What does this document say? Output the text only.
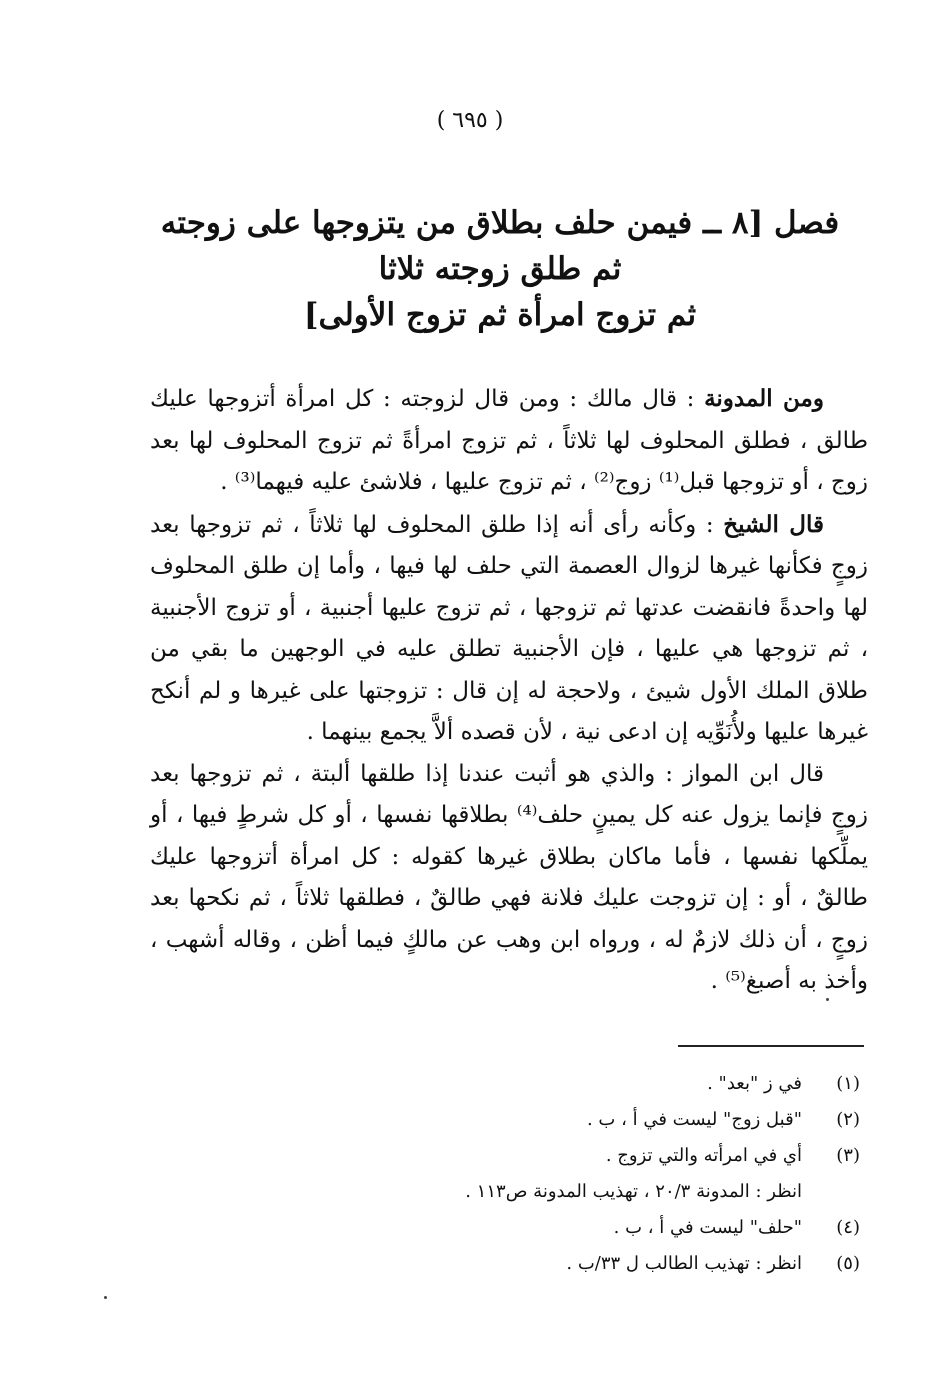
( ٦٩٥ )
فصل [٨ ــ فيمن حلف بطلاق من يتزوجها على زوجته
ثم طلق زوجته ثلاثا
ثم تزوج امرأة ثم تزوج الأولى]

ومن المدونة : قال مالك : ومن قال لزوجته : كل امرأة أتزوجها عليك طالق ، فطلق المحلوف لها ثلاثاً ، ثم تزوج امرأةً ثم تزوج المحلوف لها بعد زوج ، أو تزوجها قبل⁽¹⁾ زوج⁽²⁾ ، ثم تزوج عليها ، فلاشئ عليه فيهما⁽³⁾ .

قال الشيخ : وكأنه رأى أنه إذا طلق المحلوف لها ثلاثاً ، ثم تزوجها بعد زوجٍ فكأنها غيرها لزوال العصمة التي حلف لها فيها ، وأما إن طلق المحلوف لها واحدةً فانقضت عدتها ثم تزوجها ، ثم تزوج عليها أجنبية ، أو تزوج الأجنبية ، ثم تزوجها هي عليها ، فإن الأجنبية تطلق عليه في الوجهين ما بقي من طلاق الملك الأول شيئ ، ولاحجة له إن قال : تزوجتها على غيرها و لم أنكح غيرها عليها ولأُنَوِّيه إن ادعى نية ، لأن قصده ألاَّ يجمع بينهما .

قال ابن المواز : والذي هو أثبت عندنا إذا طلقها ألبتة ، ثم تزوجها بعد زوجٍ فإنما يزول عنه كل يمينٍ حلف⁽⁴⁾ بطلاقها نفسها ، أو كل شرطٍ فيها ، أو يملِّكها نفسها ، فأما ماكان بطلاق غيرها كقوله : كل امرأة أتزوجها عليك طالقٌ ، أو : إن تزوجت عليك فلانة فهي طالقٌ ، فطلقها ثلاثاً ، ثم نكحها بعد زوجٍ ، أن ذلك لازمٌ له ، ورواه ابن وهب عن مالكٍ فيما أظن ، وقاله أشهب ، وأخذ به أصبغ⁽⁵⁾ .

(١)
في ز "بعد" .
(٢)
"قبل زوج" ليست في أ ، ب .
(٣)
أي في امرأته والتي تزوج .
انظر : المدونة ٢٠/٣ ، تهذيب المدونة ص١١٣ .
(٤)
"حلف" ليست في أ ، ب .
(٥)
انظر : تهذيب الطالب ل ٣٣/ب .
